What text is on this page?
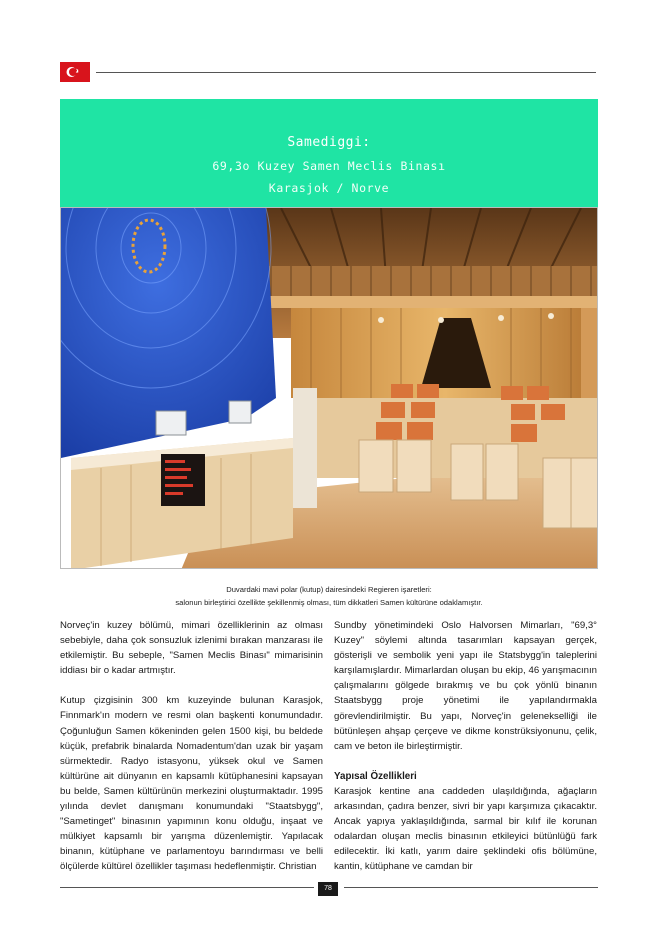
Samediggi:
69,3o Kuzey Samen Meclis Binası
Karasjok / Norve
Duvardaki mavi polar (kutup) dairesindeki Regieren işaretleri:
salonun birleştirici özellikte şekillenmiş olması, tüm dikkatleri Samen kültürüne odaklamıştır.

Norveç'in kuzey bölümü, mimari özelliklerinin az olması sebebiyle, daha çok sonsuzluk izlenimi bırakan manzarası ile etkilemiştir. Bu sebeple, "Samen Meclis Binası" mimarisinin iddiası bir o kadar artmıştır.

Kutup çizgisinin 300 km kuzeyinde bulunan Karasjok, Finnmark'ın modern ve resmi olan başkenti konumundadır. Çoğunluğun Samen kökeninden gelen 1500 kişi, bu beldede küçük, prefabrik binalarda Nomadentum'dan uzak bir yaşam sürmektedir. Radyo istasyonu, yüksek okul ve Samen kültürüne ait dünyanın en kapsamlı kütüphanesini kapsayan bu belde, Samen kültürünün merkezini oluşturmaktadır. 1995 yılında devlet danışmanı konumundaki "Staatsbygg", "Sametinget" binasının yapımının konu olduğu, inşaat ve mülkiyet kapsamlı bir yarışma düzenlemiştir. Yapılacak binanın, kütüphane ve parlamentoyu barındırması ve belli ölçülerde kültürel özellikler taşıması hedeflenmiştir. Christian

Sundby yönetimindeki Oslo Halvorsen Mimarları, "69,3° Kuzey" söylemi altında tasarımları kapsayan gerçek, gösterişli ve sembolik yeni yapı ile Statsbygg'in taleplerini karşılamışlardır. Mimarlardan oluşan bu ekip, 46 yarışmacının çalışmalarını gölgede bırakmış ve bu çok yönlü binanın Staatsbygg proje yönetimi ile yapılandırmakla görevlendirilmiştir. Bu yapı, Norveç'in gelenekselliği ile bütünleşen ahşap çerçeve ve dikme konstrüksiyonunu, çelik, cam ve beton ile birleştirmiştir.

Yapısal Özellikleri

Karasjok kentine ana caddeden ulaşıldığında, ağaçların arkasından, çadıra benzer, sivri bir yapı karşımıza çıkacaktır. Ancak yapıya yaklaşıldığında, sarmal bir kılıf ile korunan odalardan oluşan meclis binasının etkileyici bütünlüğü fark edilecektir. İki katlı, yarım daire şeklindeki ofis bölümüne, kantin, kütüphane ve camdan bir

78
